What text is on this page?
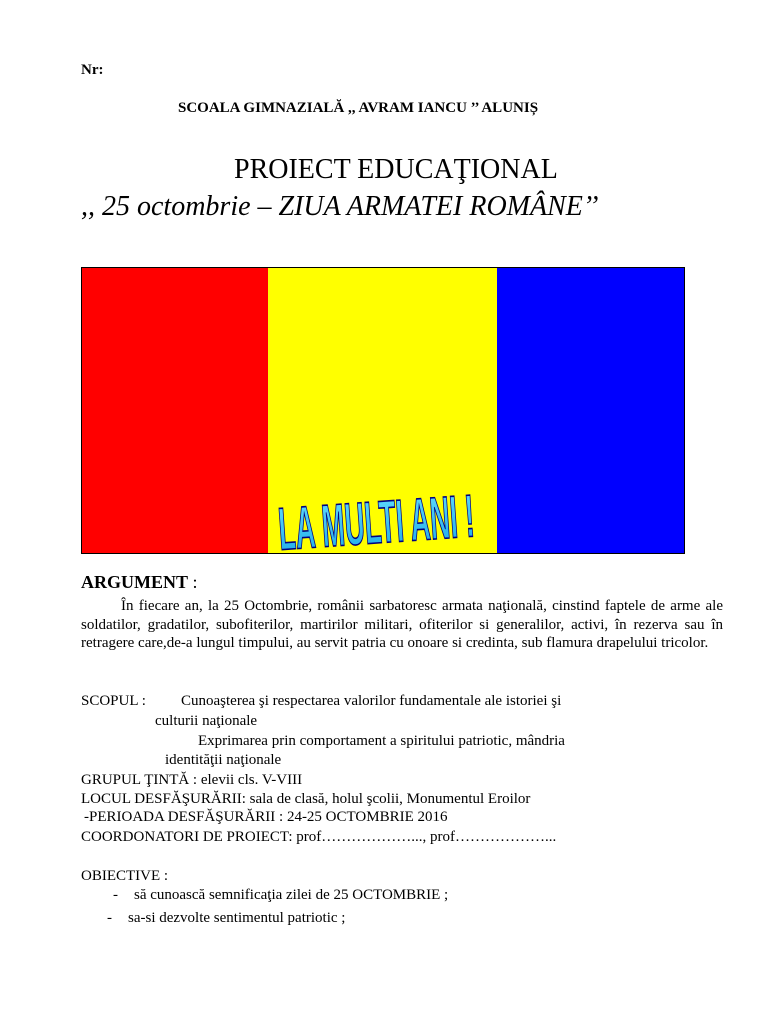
Nr:
SCOALA GIMNAZIALĂ ,, AVRAM IANCU ’’ ALUNIȘ
PROIECT EDUCAŢIONAL
,, 25 octombrie – ZIUA ARMATEI ROMÂNE’’
ARGUMENT :
În fiecare an, la 25 Octombrie, românii sarbatoresc armata naţională, cinstind faptele de arme ale soldatilor, gradatilor, subofiterilor, martirilor militari, ofiterilor si generalilor, activi, în rezerva sau în retragere care,de-a lungul timpului, au servit patria cu onoare si credinta, sub flamura drapelului tricolor.
SCOPUL : Cunoaşterea şi respectarea valorilor fundamentale ale istoriei şi
culturii naţionale
Exprimarea prin comportament a spiritului patriotic, mândria
identităţii naţionale
GRUPUL ŢINTĂ : elevii cls. V-VIII
LOCUL DESFĂŞURĂRII: sala de clasă, holul şcolii, Monumentul Eroilor
-PERIOADA DESFĂŞURĂRII : 24-25 OCTOMBRIE 2016
COORDONATORI DE PROIECT: prof………………..., prof………………...
OBIECTIVE :
- să cunoască semnificaţia zilei de 25 OCTOMBRIE ;
- sa-si dezvolte sentimentul patriotic ;
